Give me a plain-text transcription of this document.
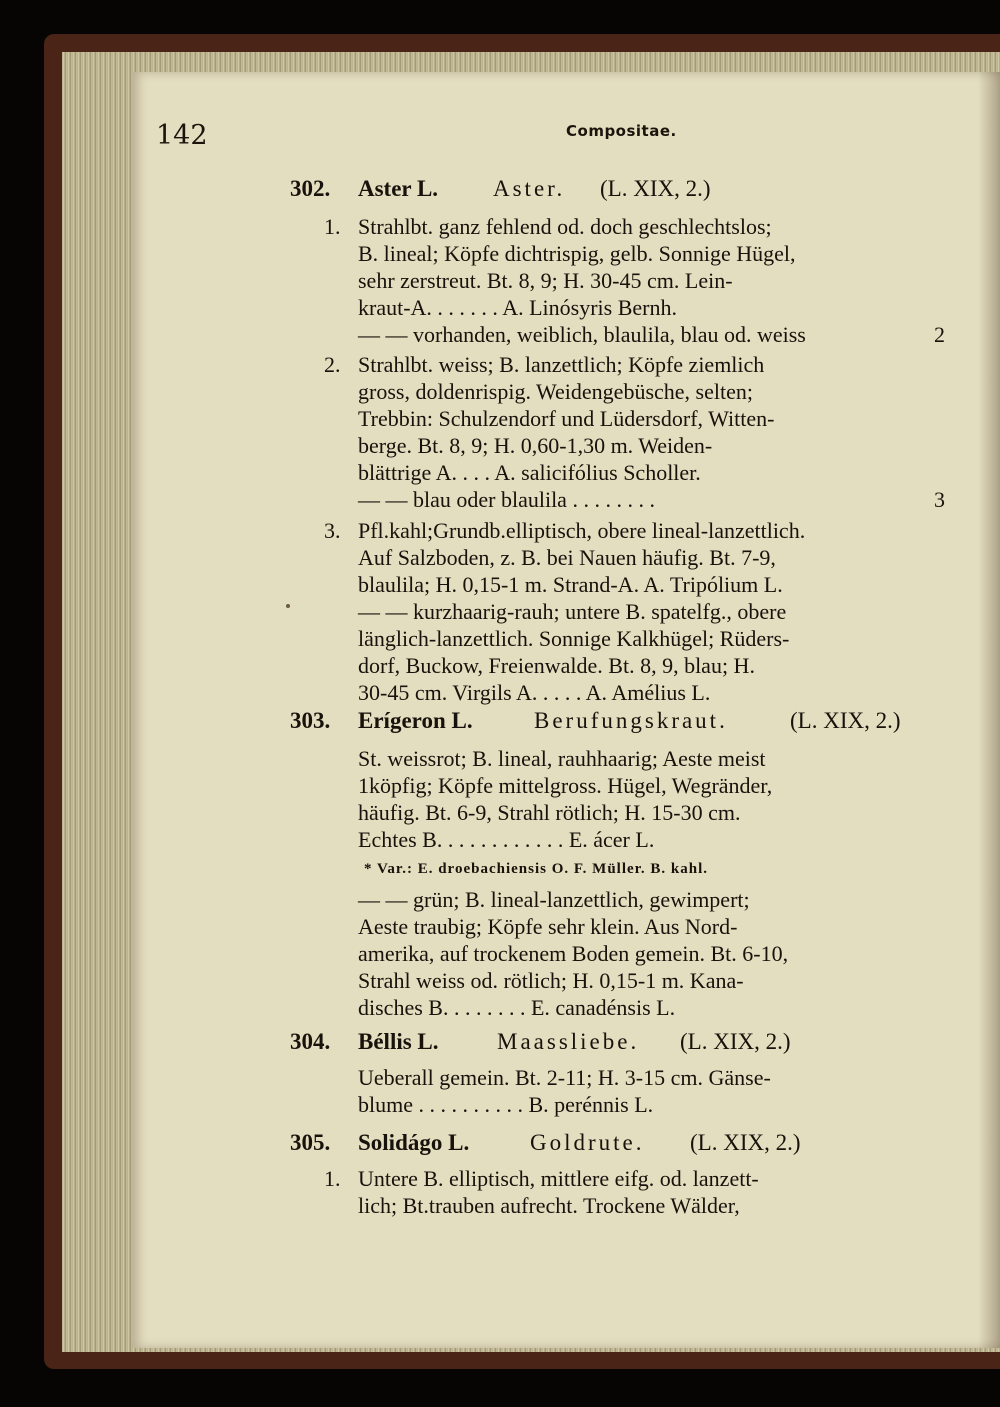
142	Compositae.
302. Aster L. Aster. (L. XIX, 2.)
1. Strahlbt. ganz fehlend od. doch geschlechtslos;
B. lineal; Köpfe dichtrispig, gelb. Sonnige Hügel,
sehr zerstreut. Bt. 8, 9; H. 30-45 cm. Lein-
kraut-A. . . . . . . A. Linósyris Bernh.
— — vorhanden, weiblich, blaulila, blau od. weiss	2
2. Strahlbt. weiss; B. lanzettlich; Köpfe ziemlich
gross, doldenrispig. Weidengebüsche, selten;
Trebbin: Schulzendorf und Lüdersdorf, Witten-
berge. Bt. 8, 9; H. 0,60-1,30 m. Weiden-
blättrige A. . . . A. salicifólius Scholler.
— — blau oder blaulila . . . . . . . .	3
3. Pfl.kahl;Grundb.elliptisch, obere lineal-lanzettlich.
Auf Salzboden, z. B. bei Nauen häufig. Bt. 7-9,
blaulila; H. 0,15-1 m. Strand-A. A. Tripólium L.
— — kurzhaarig-rauh; untere B. spatelfg., obere
länglich-lanzettlich. Sonnige Kalkhügel; Rüders-
dorf, Buckow, Freienwalde. Bt. 8, 9, blau; H.
30-45 cm. Virgils A. . . . . A. Amélius L.
303. Erígeron L.	Berufungskraut.	(L. XIX, 2.)
St. weissrot; B. lineal, rauhhaarig; Aeste meist
1köpfig; Köpfe mittelgross. Hügel, Wegränder,
häufig. Bt. 6-9, Strahl rötlich; H. 15-30 cm.
Echtes B. . . . . . . . . . . . E. ácer L.
* Var.: E. droebachiensis O. F. Müller. B. kahl.
— — grün; B. lineal-lanzettlich, gewimpert;
Aeste traubig; Köpfe sehr klein. Aus Nord-
amerika, auf trockenem Boden gemein. Bt. 6-10,
Strahl weiss od. rötlich; H. 0,15-1 m. Kana-
disches B. . . . . . . . E. canadénsis L.
304. Béllis L.	Maassliebe. (L. XIX, 2.)
Ueberall gemein. Bt. 2-11; H. 3-15 cm. Gänse-
blume . . . . . . . . . . B. perénnis L.
305. Solidágo L.	Goldrute. (L. XIX, 2.)
1. Untere B. elliptisch, mittlere eifg. od. lanzett-
lich; Bt.trauben aufrecht. Trockene Wälder,
